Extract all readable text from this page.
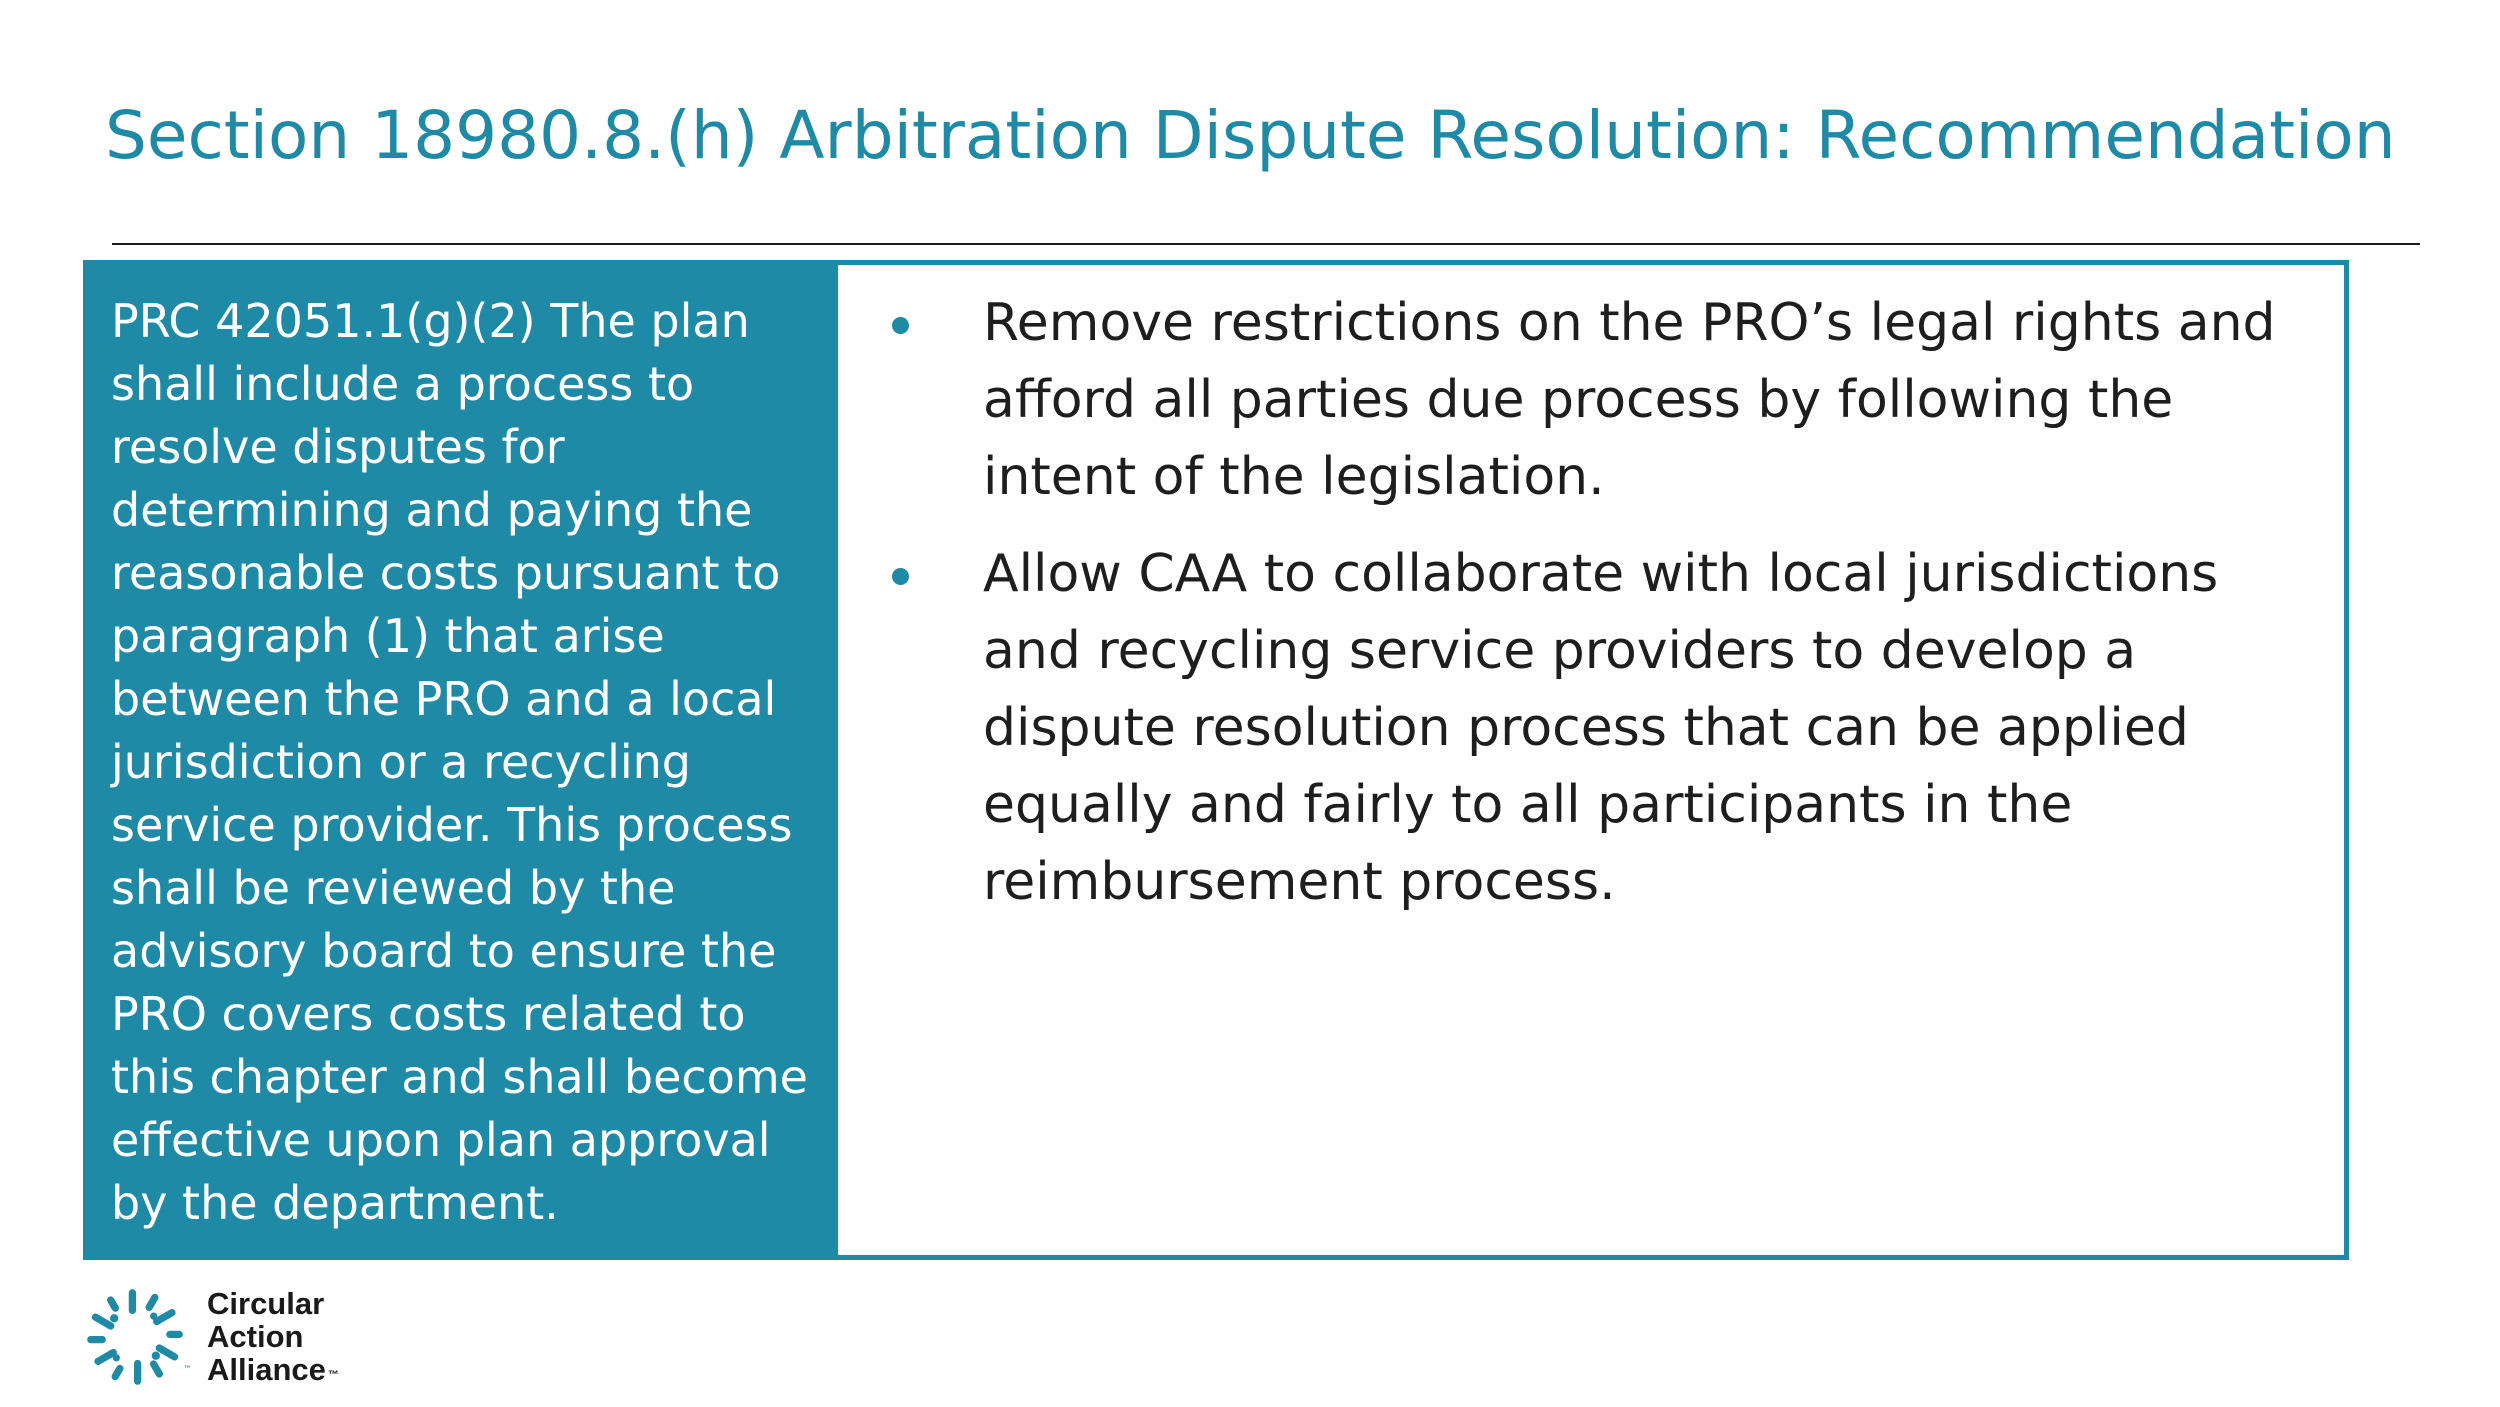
Section 18980.8.(h) Arbitration Dispute Resolution: Recommendation

PRC 42051.1(g)(2) The plan shall include a process to resolve disputes for determining and paying the reasonable costs pursuant to paragraph (1) that arise between the PRO and a local jurisdiction or a recycling service provider. This process shall be reviewed by the advisory board to ensure the PRO covers costs related to this chapter and shall become effective upon plan approval by the department.

Remove restrictions on the PRO’s legal rights and afford all parties due process by following the intent of the legislation.
Allow CAA to collaborate with local jurisdictions and recycling service providers to develop a dispute resolution process that can be applied equally and fairly to all participants in the reimbursement process.
™
Circular
Action
Alliance ™
